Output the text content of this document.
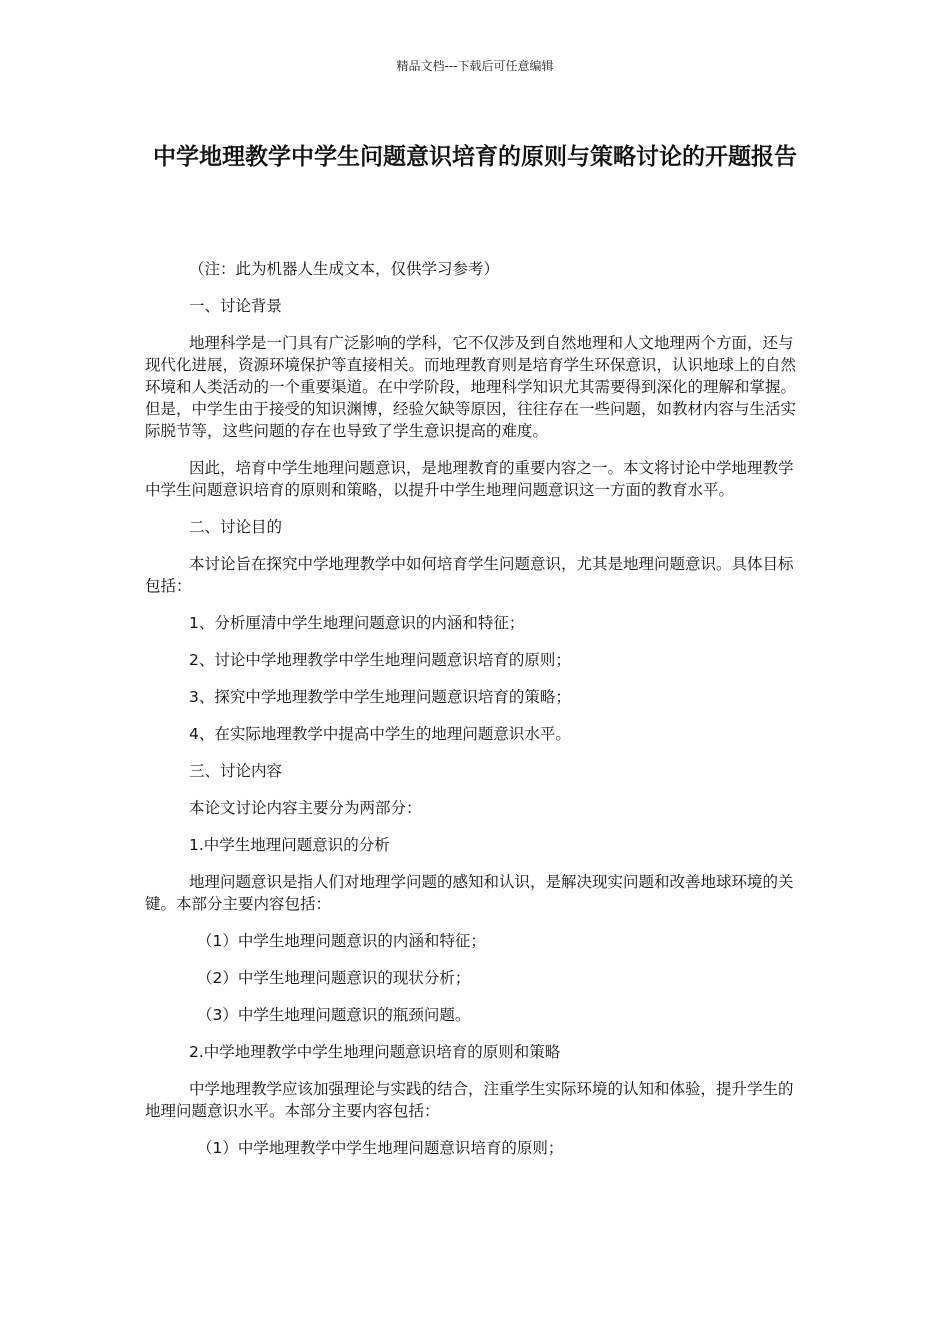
精品文档---下载后可任意编辑
中学地理教学中学生问题意识培育的原则与策略讨论的开题报告

（注：此为机器人生成文本，仅供学习参考）

一、讨论背景

地理科学是一门具有广泛影响的学科，它不仅涉及到自然地理和人文地理两个方面，还与现代化进展，资源环境保护等直接相关。而地理教育则是培育学生环保意识，认识地球上的自然环境和人类活动的一个重要渠道。在中学阶段，地理科学知识尤其需要得到深化的理解和掌握。但是，中学生由于接受的知识渊博，经验欠缺等原因，往往存在一些问题，如教材内容与生活实际脱节等，这些问题的存在也导致了学生意识提高的难度。

因此，培育中学生地理问题意识，是地理教育的重要内容之一。本文将讨论中学地理教学中学生问题意识培育的原则和策略，以提升中学生地理问题意识这一方面的教育水平。

二、讨论目的

本讨论旨在探究中学地理教学中如何培育学生问题意识，尤其是地理问题意识。具体目标包括：

1、分析厘清中学生地理问题意识的内涵和特征；

2、讨论中学地理教学中学生地理问题意识培育的原则；

3、探究中学地理教学中学生地理问题意识培育的策略；

4、在实际地理教学中提高中学生的地理问题意识水平。

三、讨论内容

本论文讨论内容主要分为两部分：

1.中学生地理问题意识的分析

地理问题意识是指人们对地理学问题的感知和认识，是解决现实问题和改善地球环境的关键。本部分主要内容包括：

（1）中学生地理问题意识的内涵和特征；

（2）中学生地理问题意识的现状分析；

（3）中学生地理问题意识的瓶颈问题。

2.中学地理教学中学生地理问题意识培育的原则和策略

中学地理教学应该加强理论与实践的结合，注重学生实际环境的认知和体验，提升学生的地理问题意识水平。本部分主要内容包括：

（1）中学地理教学中学生地理问题意识培育的原则；
